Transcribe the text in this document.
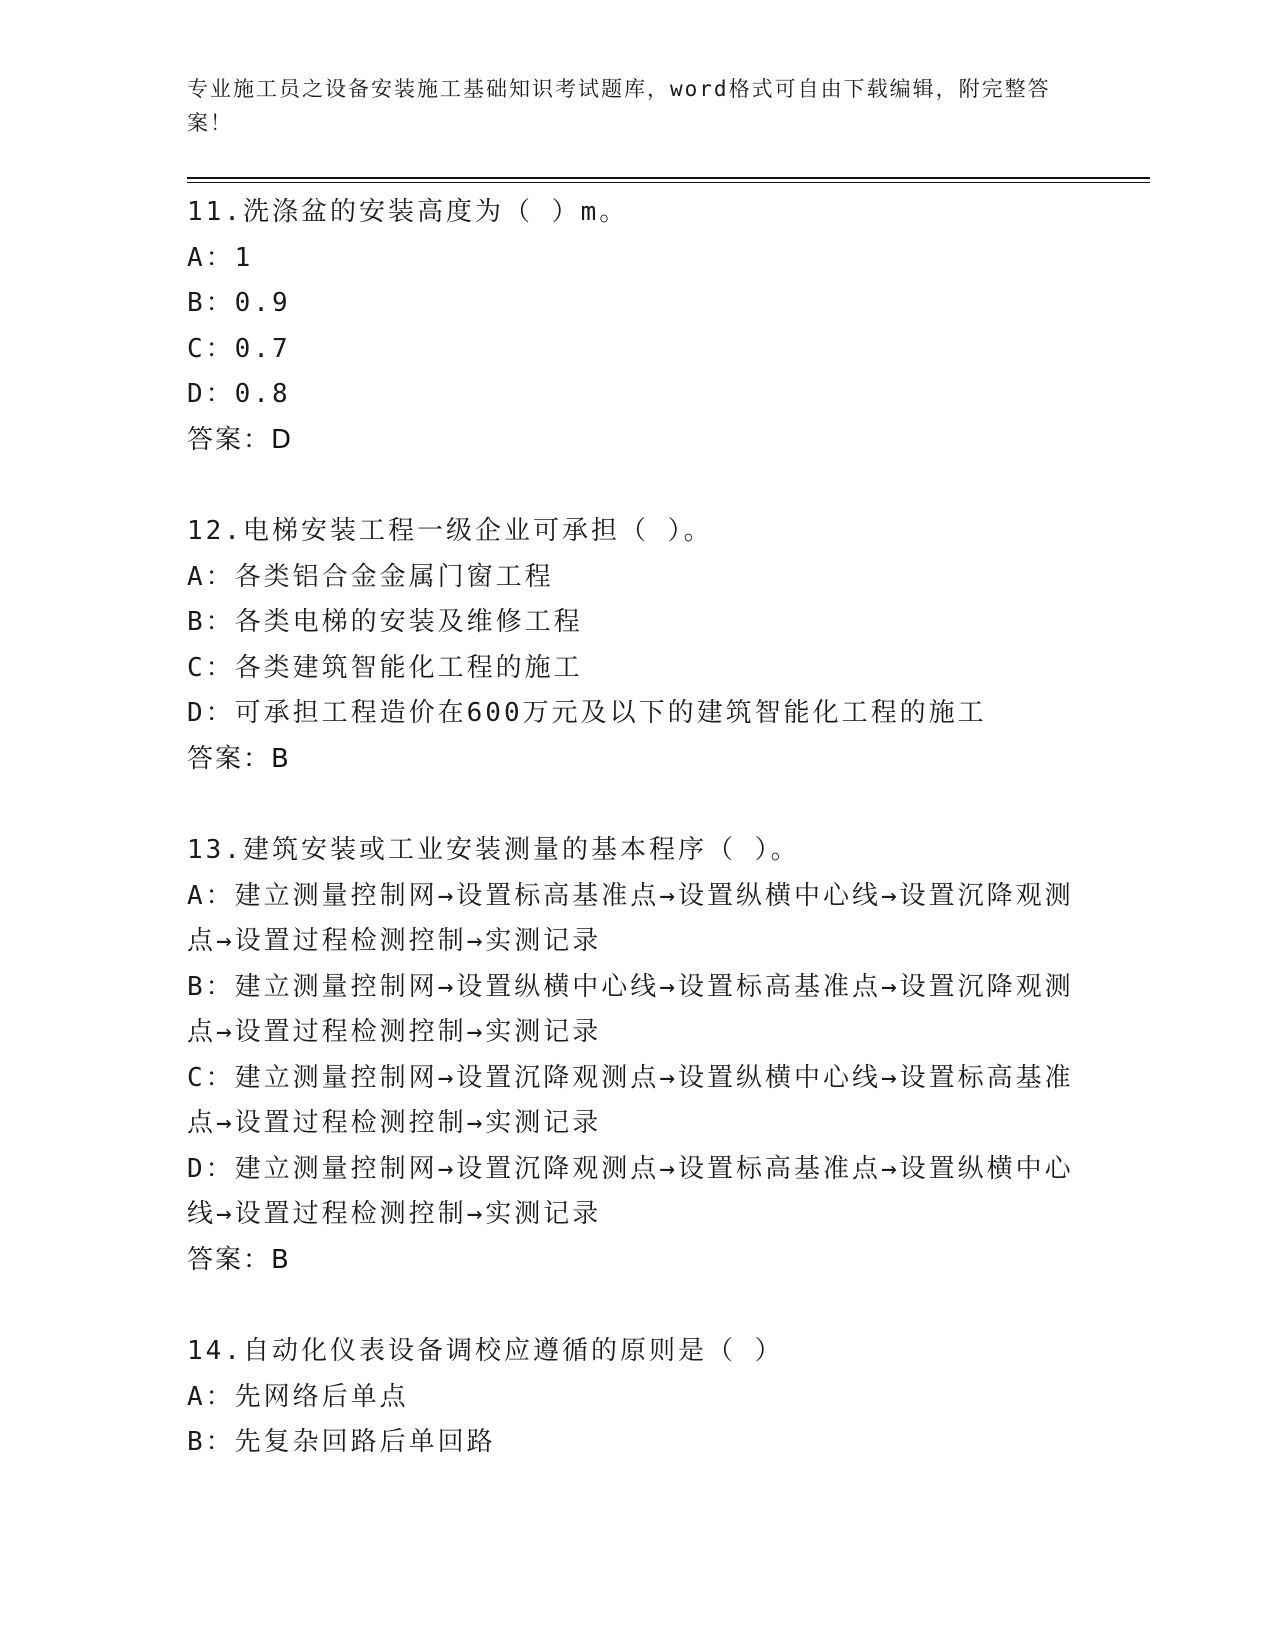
专业施工员之设备安装施工基础知识考试题库，word格式可自由下载编辑，附完整答案！
11.洗涤盆的安装高度为（ ）m。
A：1
B：0.9
C：0.7
D：0.8
答案：D
12.电梯安装工程一级企业可承担（ ）。
A：各类铝合金金属门窗工程
B：各类电梯的安装及维修工程
C：各类建筑智能化工程的施工
D：可承担工程造价在600万元及以下的建筑智能化工程的施工
答案：B
13.建筑安装或工业安装测量的基本程序（ ）。
A：建立测量控制网→设置标高基准点→设置纵横中心线→设置沉降观测点→设置过程检测控制→实测记录
B：建立测量控制网→设置纵横中心线→设置标高基准点→设置沉降观测点→设置过程检测控制→实测记录
C：建立测量控制网→设置沉降观测点→设置纵横中心线→设置标高基准点→设置过程检测控制→实测记录
D：建立测量控制网→设置沉降观测点→设置标高基准点→设置纵横中心线→设置过程检测控制→实测记录
答案：B
14.自动化仪表设备调校应遵循的原则是（ ）
A：先网络后单点
B：先复杂回路后单回路
